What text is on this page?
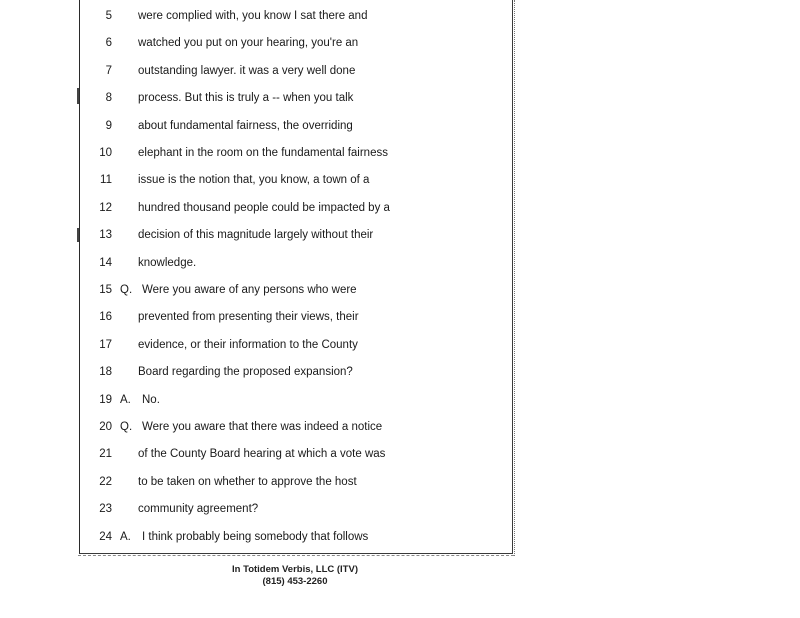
5 were complied with, you know I sat there and
6 watched you put on your hearing, you're an
7 outstanding lawyer. it was a very well done
8 process. But this is truly a -- when you talk
9 about fundamental fairness, the overriding
10 elephant in the room on the fundamental fairness
11 issue is the notion that, you know, a town of a
12 hundred thousand people could be impacted by a
13 decision of this magnitude largely without their
14 knowledge.
15 Q. Were you aware of any persons who were
16 prevented from presenting their views, their
17 evidence, or their information to the County
18 Board regarding the proposed expansion?
19 A. No.
20 Q. Were you aware that there was indeed a notice
21 of the County Board hearing at which a vote was
22 to be taken on whether to approve the host
23 community agreement?
24 A. I think probably being somebody that follows
In Totidem Verbis, LLC (ITV)
(815) 453-2260
